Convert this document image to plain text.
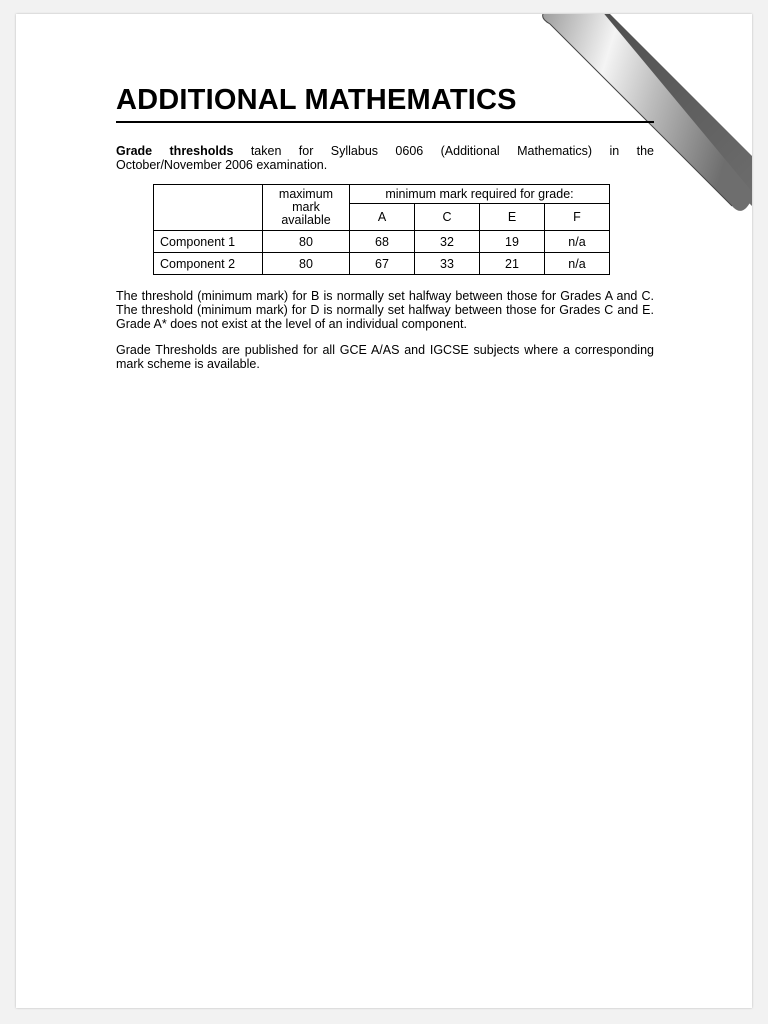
ADDITIONAL MATHEMATICS
Grade thresholds taken for Syllabus 0606 (Additional Mathematics) in the
October/November 2006 examination.
	maximum mark available	minimum mark required for grade:			
		A	C	E	F
Component 1	80	68	32	19	n/a
Component 2	80	67	33	21	n/a

The threshold (minimum mark) for B is normally set halfway between those for Grades A and C. The threshold (minimum mark) for D is normally set halfway between those for Grades C and E. Grade A* does not exist at the level of an individual component.

Grade Thresholds are published for all GCE A/AS and IGCSE subjects where a corresponding mark scheme is available.
